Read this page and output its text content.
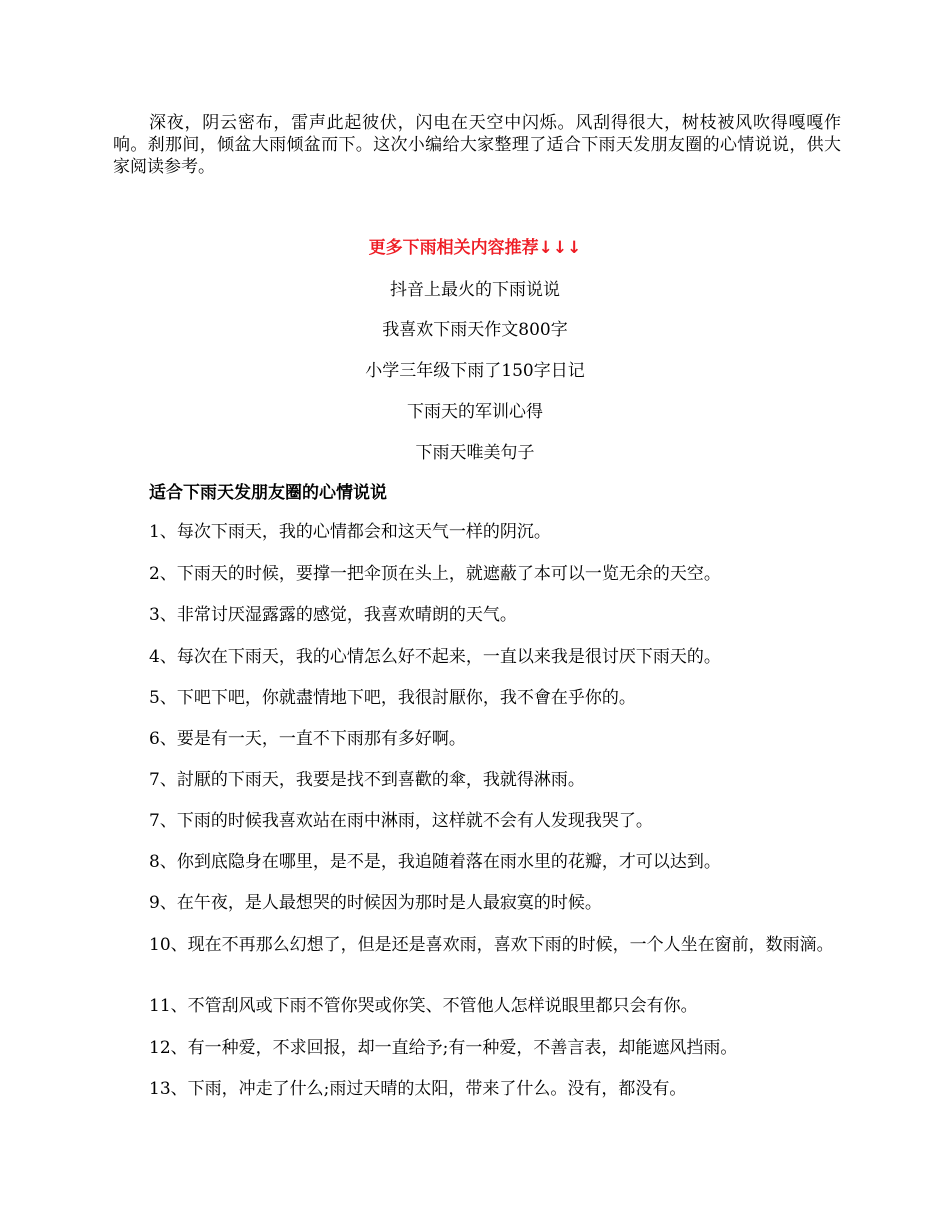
深夜，阴云密布，雷声此起彼伏，闪电在天空中闪烁。风刮得很大，树枝被风吹得嘎嘎作响。刹那间，倾盆大雨倾盆而下。这次小编给大家整理了适合下雨天发朋友圈的心情说说，供大家阅读参考。

更多下雨相关内容推荐↓↓↓

抖音上最火的下雨说说

我喜欢下雨天作文800字

小学三年级下雨了150字日记

下雨天的军训心得

下雨天唯美句子

适合下雨天发朋友圈的心情说说

1、每次下雨天，我的心情都会和这天气一样的阴沉。

2、下雨天的时候，要撑一把伞顶在头上，就遮蔽了本可以一览无余的天空。

3、非常讨厌湿露露的感觉，我喜欢晴朗的天气。

4、每次在下雨天，我的心情怎么好不起来，一直以来我是很讨厌下雨天的。

5、下吧下吧，你就盡情地下吧，我很討厭你，我不會在乎你的。

6、要是有一天，一直不下雨那有多好啊。

7、討厭的下雨天，我要是找不到喜歡的傘，我就得淋雨。

7、下雨的时候我喜欢站在雨中淋雨，这样就不会有人发现我哭了。

8、你到底隐身在哪里，是不是，我追随着落在雨水里的花瓣，才可以达到。

9、在午夜，是人最想哭的时候因为那时是人最寂寞的时候。

10、现在不再那么幻想了，但是还是喜欢雨，喜欢下雨的时候，一个人坐在窗前，数雨滴。

11、不管刮风或下雨不管你哭或你笑、不管他人怎样说眼里都只会有你。

12、有一种爱，不求回报，却一直给予;有一种爱，不善言表，却能遮风挡雨。

13、下雨，冲走了什么;雨过天晴的太阳，带来了什么。没有，都没有。
